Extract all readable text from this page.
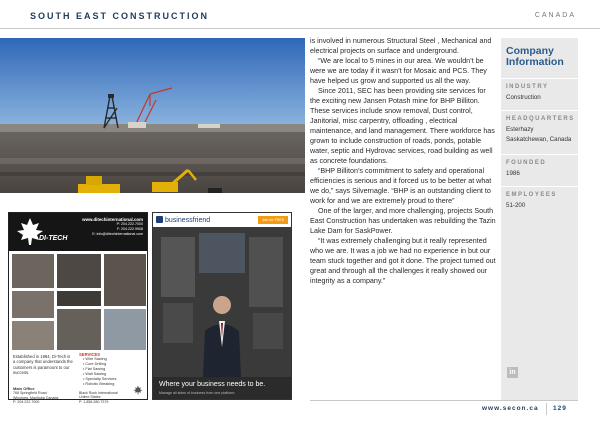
SOUTH EAST CONSTRUCTION	CANADA
DI-TECH
www.ditechinternational.com
P: 204.222.7000
F: 204.222.9908
E: info@ditechinternational.com
Established in 1984, Di-Tech is a company that understands the customers is paramount to our success.
SERVICES
• Wire Sawing
• Core Drilling
• Flat Sawing
• Wall Sawing
• Specialty Services
• Robotic Breaking
Main Office
768 Springfield Road
Winnipeg, Manitoba Canada
P: 204.222.7000
Black Rock International
United States
P: 1.855.280.7379
businessfriend	Join for FREE
Where your business needs to be.
Manage all sides of business from one platform.

is involved in numerous Structural Steel , Mechanical and electrical projects on surface and underground.

“We are local to 5 mines in our area. We wouldn’t be were we are today if it wasn’t for Mosaic and PCS. They have helped us grow and supported us all the way.

Since 2011, SEC has been providing site services for the exciting new Jansen Potash mine for BHP Billiton. These services include snow removal, Dust control, Janitorial, misc carpentry, offloading , electrical maintenance, and land management. There workforce has grown to include construction of roads, ponds, potable water, septic and Hydrovac services, road building as well as concrete foundations.

“BHP Billiton’s commitment to safety and operational efficiencies is serious and it forced us to be better at what we do,” says Silvernagle. “BHP is an outstanding client to work for and we are extremely proud to there”

One of the larger, and more challenging, projects South East Construction has undertaken was rebuilding the Tazin Lake Dam for SaskPower.

“It was extremely challenging but it really represented who we are. It was a job we had no experience in but our team stuck together and got it done. The project turned out great and through all the challenges it really showed our integrity as a company.”

Company Information
INDUSTRY
Construction
HEADQUARTERS
Esterhazy
Saskatchewan, Canada
FOUNDED
1986
EMPLOYEES
51-200
in
www.secon.ca 129
